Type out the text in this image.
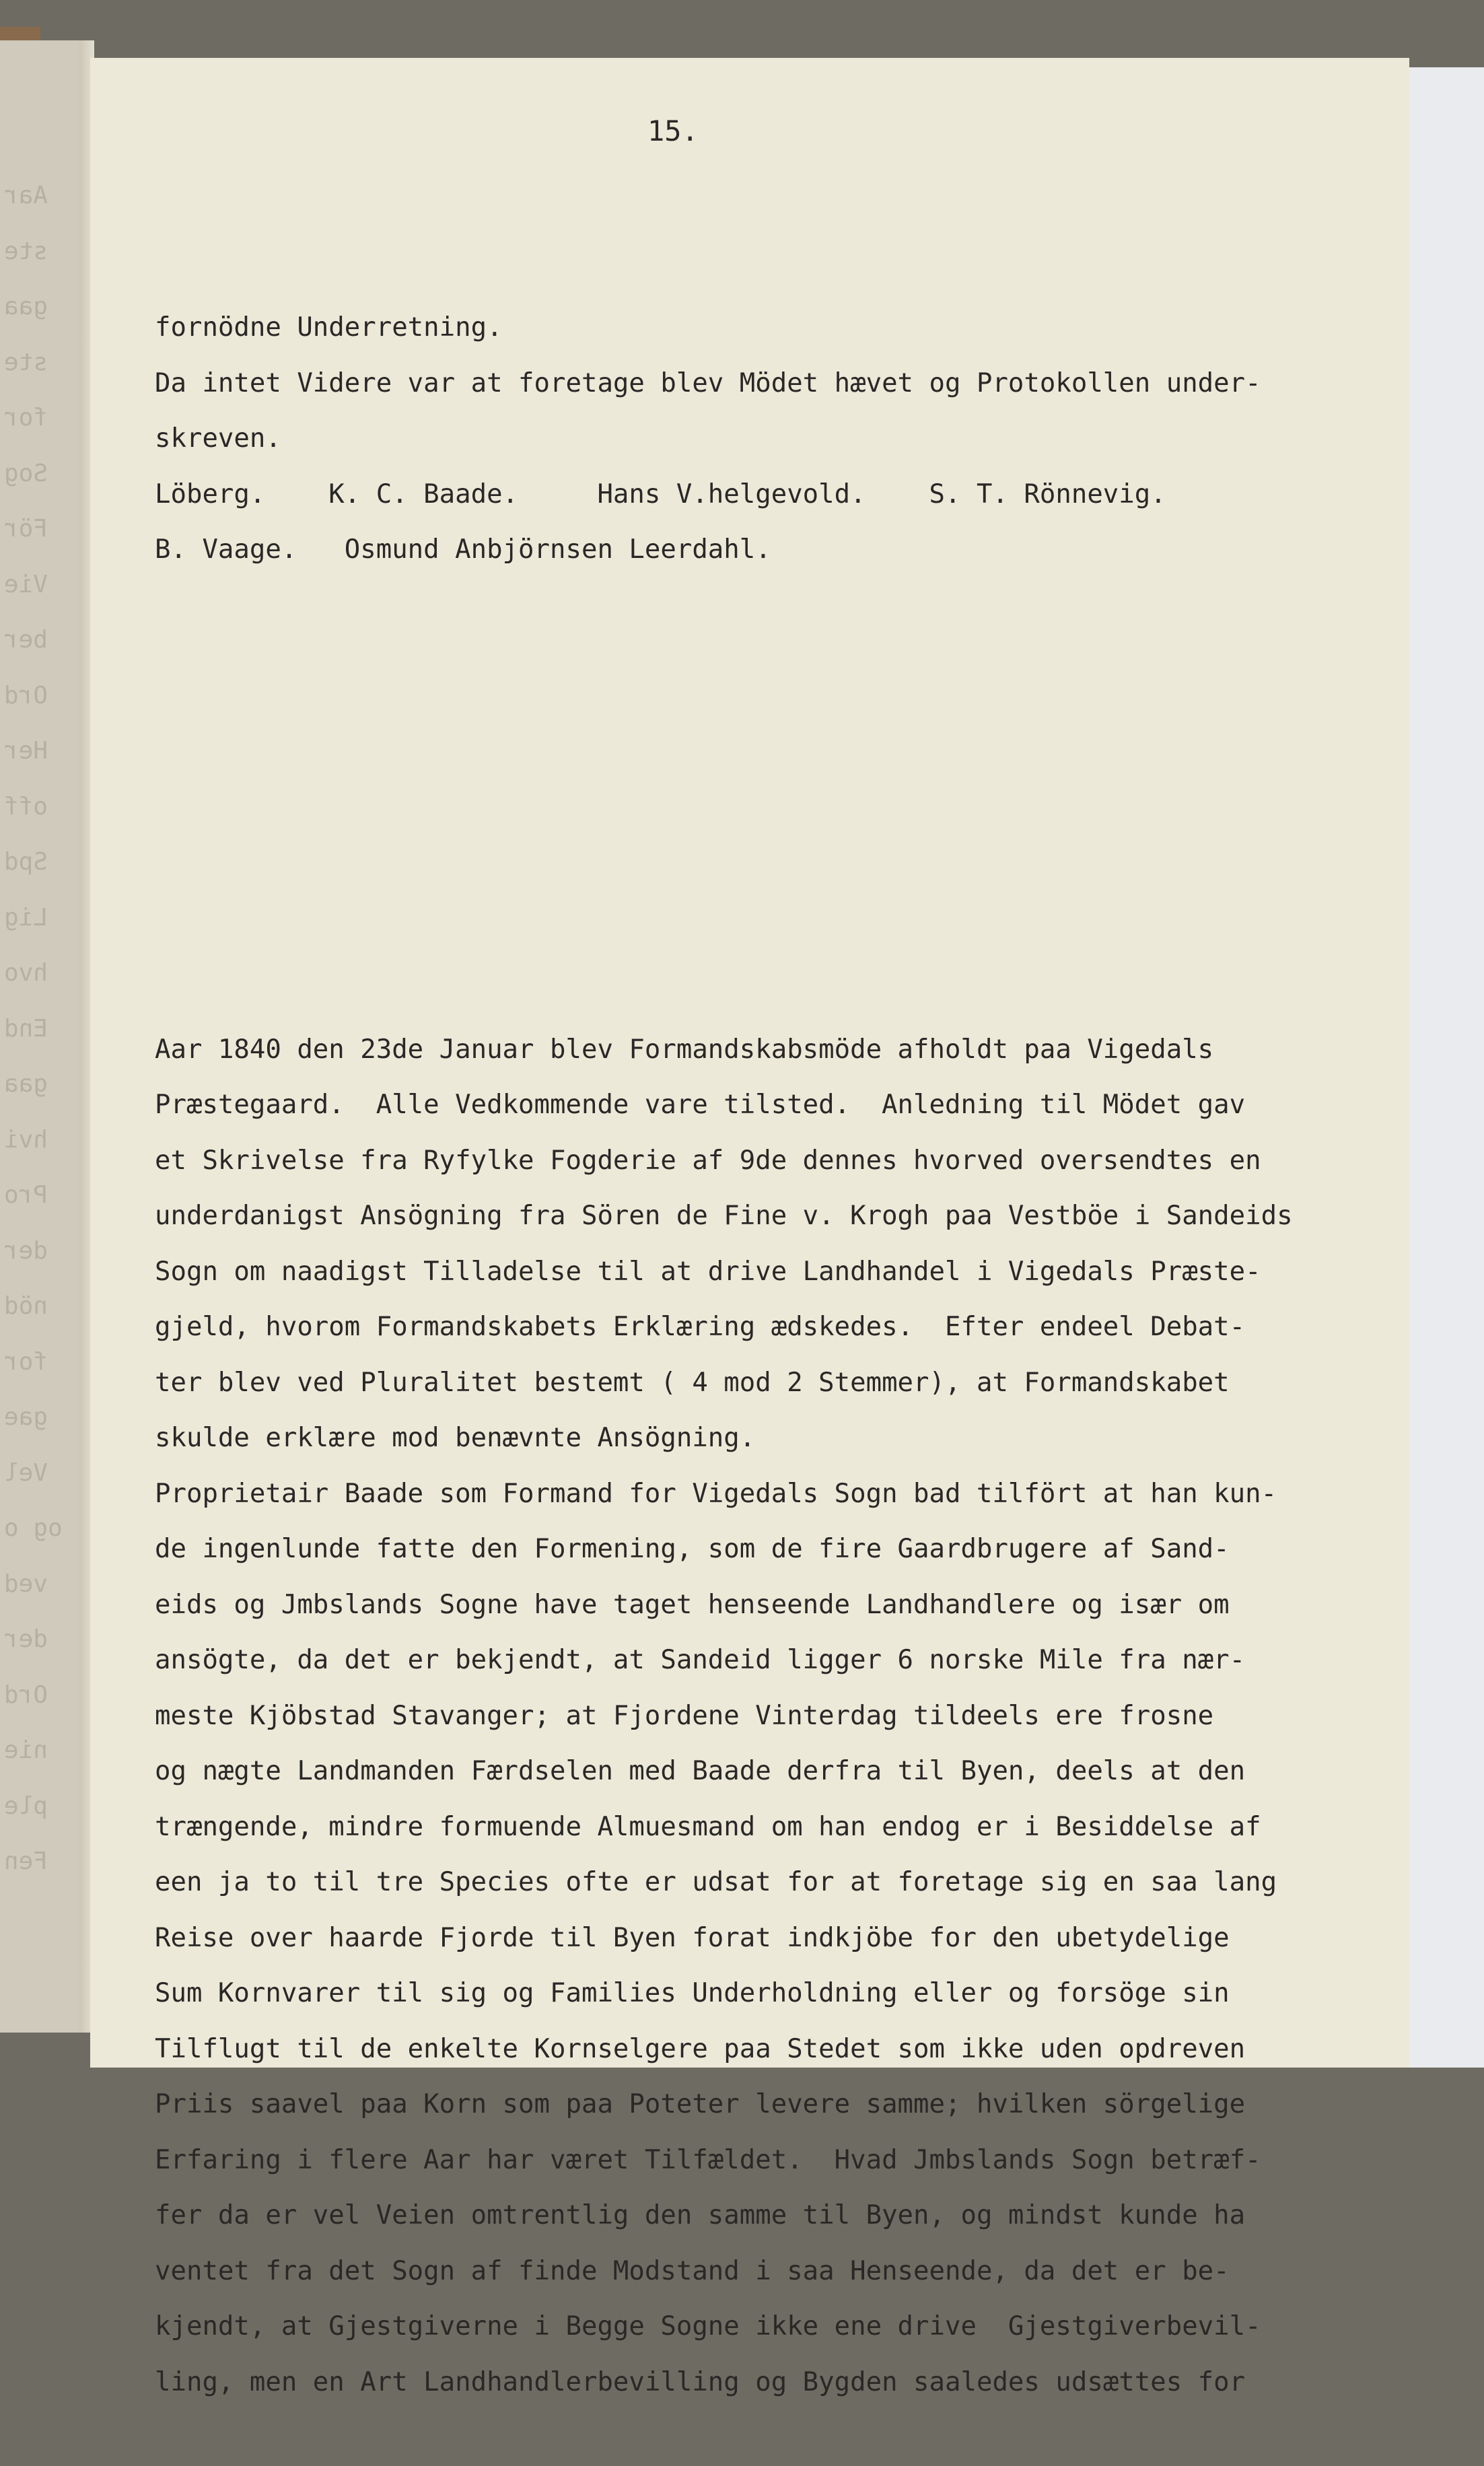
Aar
ste
gaa
ste
for
Sog
För
Vie
ber
Ord
Her
off
Spd
Lig
hvo
End
gaa
hvi
Pro
der
nöd
for
gae
Vel
og o
ved
der
Ord
nie
ple
Fen
15.

fornödne Underretning.
Da intet Videre var at foretage blev Mödet hævet og Protokollen under-
skreven.
Löberg.    K. C. Baade.     Hans V.helgevold.    S. T. Rönnevig.
B. Vaage.   Osmund Anbjörnsen Leerdahl.

Aar 1840 den 23de Januar blev Formandskabsmöde afholdt paa Vigedals
Præstegaard.  Alle Vedkommende vare tilsted.  Anledning til Mödet gav
et Skrivelse fra Ryfylke Fogderie af 9de dennes hvorved oversendtes en
underdanigst Ansögning fra Sören de Fine v. Krogh paa Vestböe i Sandeids
Sogn om naadigst Tilladelse til at drive Landhandel i Vigedals Præste-
gjeld, hvorom Formandskabets Erklæring ædskedes.  Efter endeel Debat-
ter blev ved Pluralitet bestemt ( 4 mod 2 Stemmer), at Formandskabet
skulde erklære mod benævnte Ansögning.
Proprietair Baade som Formand for Vigedals Sogn bad tilfört at han kun-
de ingenlunde fatte den Formening, som de fire Gaardbrugere af Sand-
eids og Jmbslands Sogne have taget henseende Landhandlere og især om
ansögte, da det er bekjendt, at Sandeid ligger 6 norske Mile fra nær-
meste Kjöbstad Stavanger; at Fjordene Vinterdag tildeels ere frosne
og nægte Landmanden Færdselen med Baade derfra til Byen, deels at den
trængende, mindre formuende Almuesmand om han endog er i Besiddelse af
een ja to til tre Species ofte er udsat for at foretage sig en saa lang
Reise over haarde Fjorde til Byen forat indkjöbe for den ubetydelige
Sum Kornvarer til sig og Families Underholdning eller og forsöge sin
Tilflugt til de enkelte Kornselgere paa Stedet som ikke uden opdreven
Priis saavel paa Korn som paa Poteter levere samme; hvilken sörgelige
Erfaring i flere Aar har været Tilfældet.  Hvad Jmbslands Sogn betræf-
fer da er vel Veien omtrentlig den samme til Byen, og mindst kunde ha
ventet fra det Sogn af finde Modstand i saa Henseende, da det er be-
kjendt, at Gjestgiverne i Begge Sogne ikke ene drive  Gjestgiverbevil-
ling, men en Art Landhandlerbevilling og Bygden saaledes udsættes for
